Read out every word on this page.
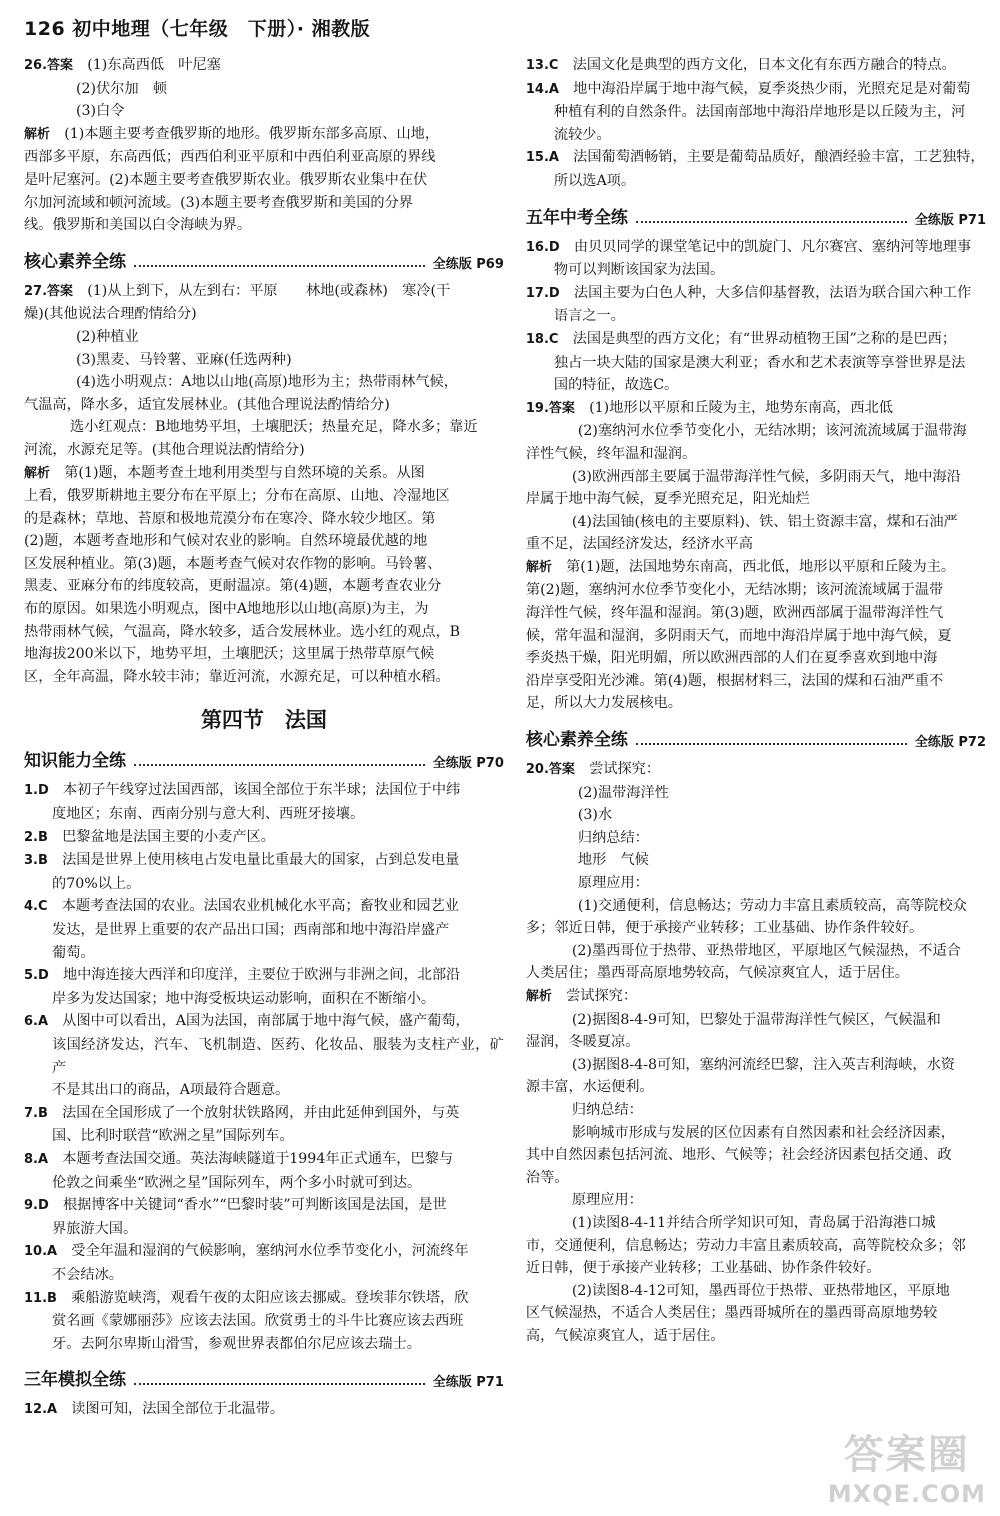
126 初中地理（七年级　下册）· 湘教版

26.答案　 (1)东高西低　叶尼塞

(2)伏尔加　顿

(3)白令

解析　 (1)本题主要考查俄罗斯的地形。俄罗斯东部多高原、山地，

西部多平原，东高西低；西西伯利亚平原和中西伯利亚高原的界线

是叶尼塞河。(2)本题主要考查俄罗斯农业。俄罗斯农业集中在伏

尔加河流域和顿河流域。(3)本题主要考查俄罗斯和美国的分界

线。俄罗斯和美国以白令海峡为界。

核心素养全练	全练版 P69

27.答案　 (1)从上到下，从左到右：平原　　林地(或森林)　寒冷(干

燥)(其他说法合理酌情给分)

(2)种植业

(3)黑麦、马铃薯、亚麻(任选两种)

(4)选小明观点：A地以山地(高原)地形为主；热带雨林气候，

气温高，降水多，适宜发展林业。(其他合理说法酌情给分)

选小红观点：B地地势平坦，土壤肥沃；热量充足，降水多；靠近

河流，水源充足等。(其他合理说法酌情给分)

解析　 第(1)题，本题考查土地利用类型与自然环境的关系。从图

上看，俄罗斯耕地主要分布在平原上；分布在高原、山地、冷湿地区

的是森林；草地、苔原和极地荒漠分布在寒冷、降水较少地区。第

(2)题，本题考查地形和气候对农业的影响。自然环境最优越的地

区发展种植业。第(3)题，本题考查气候对农作物的影响。马铃薯、

黑麦、亚麻分布的纬度较高，更耐温凉。第(4)题，本题考查农业分

布的原因。如果选小明观点，图中A地地形以山地(高原)为主，为

热带雨林气候，气温高，降水较多，适合发展林业。选小红的观点，B

地海拔200米以下，地势平坦，土壤肥沃；这里属于热带草原气候

区，全年高温，降水较丰沛；靠近河流，水源充足，可以种植水稻。

第四节　法国
知识能力全练	全练版 P70

1.D　 本初子午线穿过法国西部，该国全部位于东半球；法国位于中纬

度地区；东南、西南分别与意大利、西班牙接壤。

2.B　 巴黎盆地是法国主要的小麦产区。

3.B　 法国是世界上使用核电占发电量比重最大的国家，占到总发电量

的70%以上。

4.C　 本题考查法国的农业。法国农业机械化水平高；畜牧业和园艺业

发达，是世界上重要的农产品出口国；西南部和地中海沿岸盛产

葡萄。

5.D　 地中海连接大西洋和印度洋，主要位于欧洲与非洲之间，北部沿

岸多为发达国家；地中海受板块运动影响，面积在不断缩小。

6.A　 从图中可以看出，A国为法国，南部属于地中海气候，盛产葡萄，

该国经济发达，汽车、飞机制造、医药、化妆品、服装为支柱产业，矿产

不是其出口的商品，A项最符合题意。

7.B　 法国在全国形成了一个放射状铁路网，并由此延伸到国外，与英

国、比利时联营“欧洲之星”国际列车。

8.A　 本题考查法国交通。英法海峡隧道于1994年正式通车，巴黎与

伦敦之间乘坐“欧洲之星”国际列车，两个多小时就可到达。

9.D　 根据博客中关键词“香水”“巴黎时装”可判断该国是法国，是世

界旅游大国。

10.A　 受全年温和湿润的气候影响，塞纳河水位季节变化小，河流终年

不会结冰。

11.B　 乘船游览峡湾，观看午夜的太阳应该去挪威。登埃菲尔铁塔，欣

赏名画《蒙娜丽莎》应该去法国。欣赏勇士的斗牛比赛应该去西班

牙。去阿尔卑斯山滑雪，参观世界表都伯尔尼应该去瑞士。

三年模拟全练	全练版 P71

12.A　 读图可知，法国全部位于北温带。

13.C　 法国文化是典型的西方文化，日本文化有东西方融合的特点。

14.A　 地中海沿岸属于地中海气候，夏季炎热少雨，光照充足是对葡萄

种植有利的自然条件。法国南部地中海沿岸地形是以丘陵为主，河

流较少。

15.A　 法国葡萄酒畅销，主要是葡萄品质好，酿酒经验丰富，工艺独特，

所以选A项。

五年中考全练	全练版 P71

16.D　 由贝贝同学的课堂笔记中的凯旋门、凡尔赛宫、塞纳河等地理事

物可以判断该国家为法国。

17.D　 法国主要为白色人种，大多信仰基督教，法语为联合国六种工作

语言之一。

18.C　 法国是典型的西方文化；有“世界动植物王国”之称的是巴西；

独占一块大陆的国家是澳大利亚；香水和艺术表演等享誉世界是法

国的特征，故选C。

19.答案　 (1)地形以平原和丘陵为主，地势东南高，西北低

(2)塞纳河水位季节变化小，无结冰期；该河流流域属于温带海

洋性气候，终年温和湿润。

(3)欧洲西部主要属于温带海洋性气候，多阴雨天气，地中海沿

岸属于地中海气候，夏季光照充足，阳光灿烂

(4)法国铀(核电的主要原料)、铁、铝土资源丰富，煤和石油严

重不足，法国经济发达，经济水平高

解析　 第(1)题，法国地势东南高，西北低，地形以平原和丘陵为主。

第(2)题，塞纳河水位季节变化小，无结冰期；该河流流域属于温带

海洋性气候，终年温和湿润。第(3)题，欧洲西部属于温带海洋性气

候，常年温和湿润，多阴雨天气，而地中海沿岸属于地中海气候，夏

季炎热干燥，阳光明媚，所以欧洲西部的人们在夏季喜欢到地中海

沿岸享受阳光沙滩。第(4)题，根据材料三，法国的煤和石油严重不

足，所以大力发展核电。

核心素养全练	全练版 P72

20.答案　 尝试探究：

(2)温带海洋性

(3)水

归纳总结：

地形　气候

原理应用：

(1)交通便利，信息畅达；劳动力丰富且素质较高，高等院校众

多；邻近日韩，便于承接产业转移；工业基础、协作条件较好。

(2)墨西哥位于热带、亚热带地区，平原地区气候湿热，不适合

人类居住；墨西哥高原地势较高，气候凉爽宜人，适于居住。

解析　 尝试探究：

(2)据图8-4-9可知，巴黎处于温带海洋性气候区，气候温和

湿润，冬暖夏凉。

(3)据图8-4-8可知，塞纳河流经巴黎，注入英吉利海峡，水资

源丰富，水运便利。

归纳总结：

影响城市形成与发展的区位因素有自然因素和社会经济因素，

其中自然因素包括河流、地形、气候等；社会经济因素包括交通、政

治等。

原理应用：

(1)读图8-4-11并结合所学知识可知，青岛属于沿海港口城

市，交通便利，信息畅达；劳动力丰富且素质较高，高等院校众多；邻

近日韩，便于承接产业转移；工业基础、协作条件较好。

(2)读图8-4-12可知，墨西哥位于热带、亚热带地区，平原地

区气候湿热，不适合人类居住；墨西哥城所在的墨西哥高原地势较

高，气候凉爽宜人，适于居住。

答案圈
MXQE.COM
